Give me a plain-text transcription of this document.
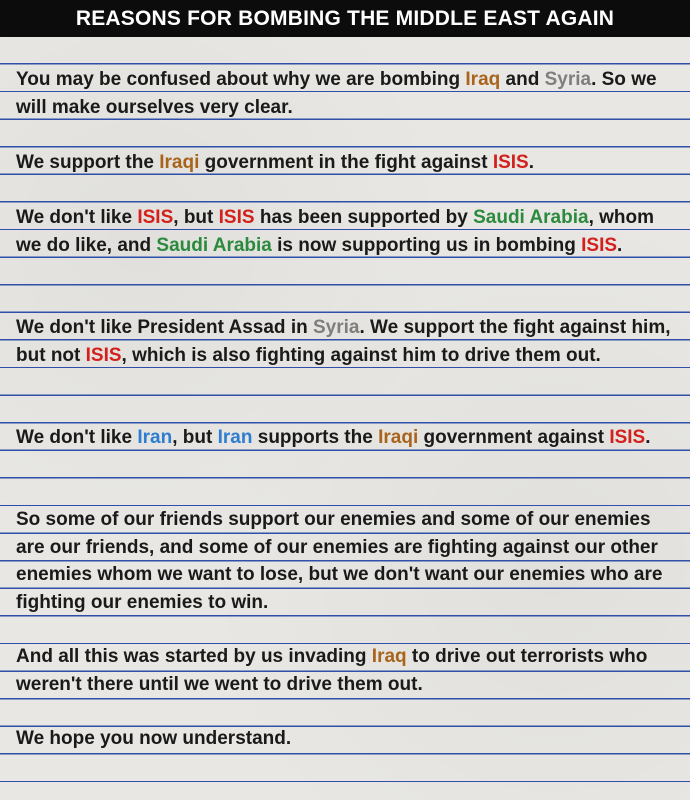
REASONS FOR BOMBING THE MIDDLE EAST AGAIN

You may be confused about why we are bombing Iraq and Syria. So we will make ourselves very clear.

We support the Iraqi government in the fight against ISIS.

We don't like ISIS, but ISIS has been supported by Saudi Arabia, whom we do like, and Saudi Arabia is now supporting us in bombing ISIS.

We don't like President Assad in Syria. We support the fight against him, but not ISIS, which is also fighting against him to drive them out.

We don't like Iran, but Iran supports the Iraqi government against ISIS.

So some of our friends support our enemies and some of our enemies are our friends, and some of our enemies are fighting against our other enemies whom we want to lose, but we don't want our enemies who are fighting our enemies to win.

And all this was started by us invading Iraq to drive out terrorists who weren't there until we went to drive them out.

We hope you now understand.
